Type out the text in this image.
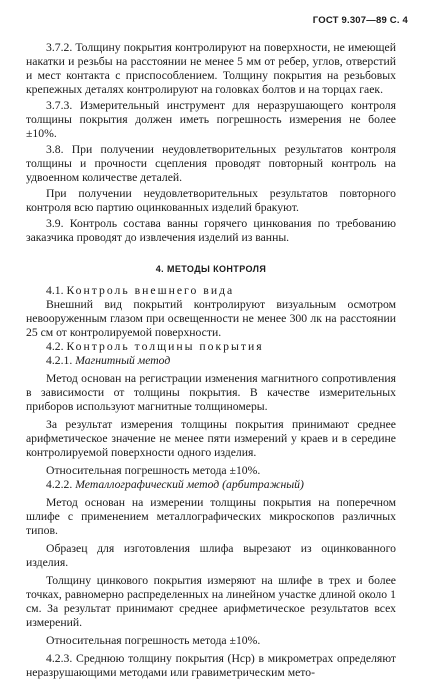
ГОСТ 9.307—89 С. 4

3.7.2. Толщину покрытия контролируют на поверхности, не имеющей накатки и резьбы на расстоянии не менее 5 мм от ребер, углов, отверстий и мест контакта с приспособлением. Толщину покрытия на резьбовых крепежных деталях контролируют на головках болтов и на торцах гаек.

3.7.3. Измерительный инструмент для неразрушающего контроля толщины покрытия должен иметь погрешность измерения не более ±10%.

3.8. При получении неудовлетворительных результатов контроля толщины и прочности сцепления проводят повторный контроль на удвоенном количестве деталей.

При получении неудовлетворительных результатов повторного контроля всю партию оцинкованных изделий бракуют.

3.9. Контроль состава ванны горячего цинкования по требованию заказчика проводят до извлечения изделий из ванны.

4. МЕТОДЫ КОНТРОЛЯ

4.1. Контроль внешнего вида

Внешний вид покрытий контролируют визуальным осмотром невооруженным глазом при освещенности не менее 300 лк на расстоянии 25 см от контролируемой поверхности.

4.2. Контроль толщины покрытия

4.2.1. Магнитный метод

Метод основан на регистрации изменения магнитного сопротивления в зависимости от толщины покрытия. В качестве измерительных приборов используют магнитные толщиномеры.

За результат измерения толщины покрытия принимают среднее арифметическое значение не менее пяти измерений у краев и в середине контролируемой поверхности одного изделия.

Относительная погрешность метода ±10%.

4.2.2. Металлографический метод (арбитражный)

Метод основан на измерении толщины покрытия на поперечном шлифе с применением металлографических микроскопов различных типов.

Образец для изготовления шлифа вырезают из оцинкованного изделия.

Толщину цинкового покрытия измеряют на шлифе в трех и более точках, равномерно распределенных на линейном участке длиной около 1 см. За результат принимают среднее арифметическое результатов всех измерений.

Относительная погрешность метода ±10%.

4.2.3. Среднюю толщину покрытия (Hср) в микрометрах определяют неразрушающими методами или гравиметрическим мето-
